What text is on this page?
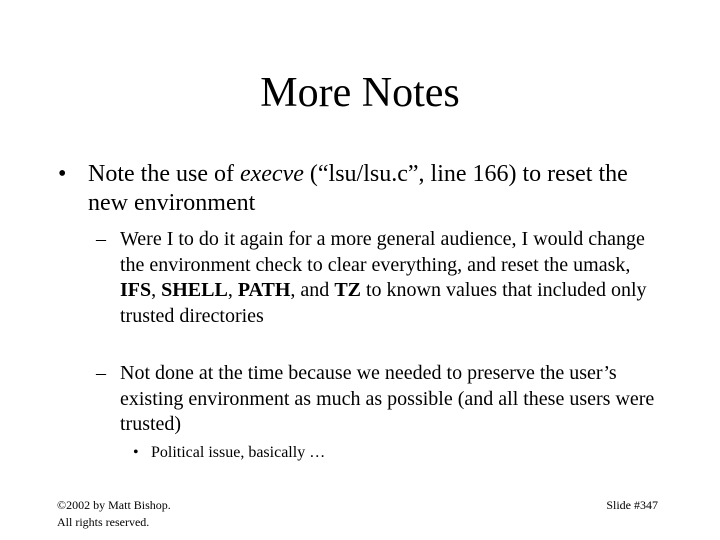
More Notes
• Note the use of execve (“lsu/lsu.c”, line 166) to reset the new environment
– Were I to do it again for a more general audience, I would change the environment check to clear everything, and reset the umask, IFS, SHELL, PATH, and TZ to known values that included only trusted directories
– Not done at the time because we needed to preserve the user’s existing environment as much as possible (and all these users were trusted)
• Political issue, basically …
©2002 by Matt Bishop.
All rights reserved.
Slide #347
